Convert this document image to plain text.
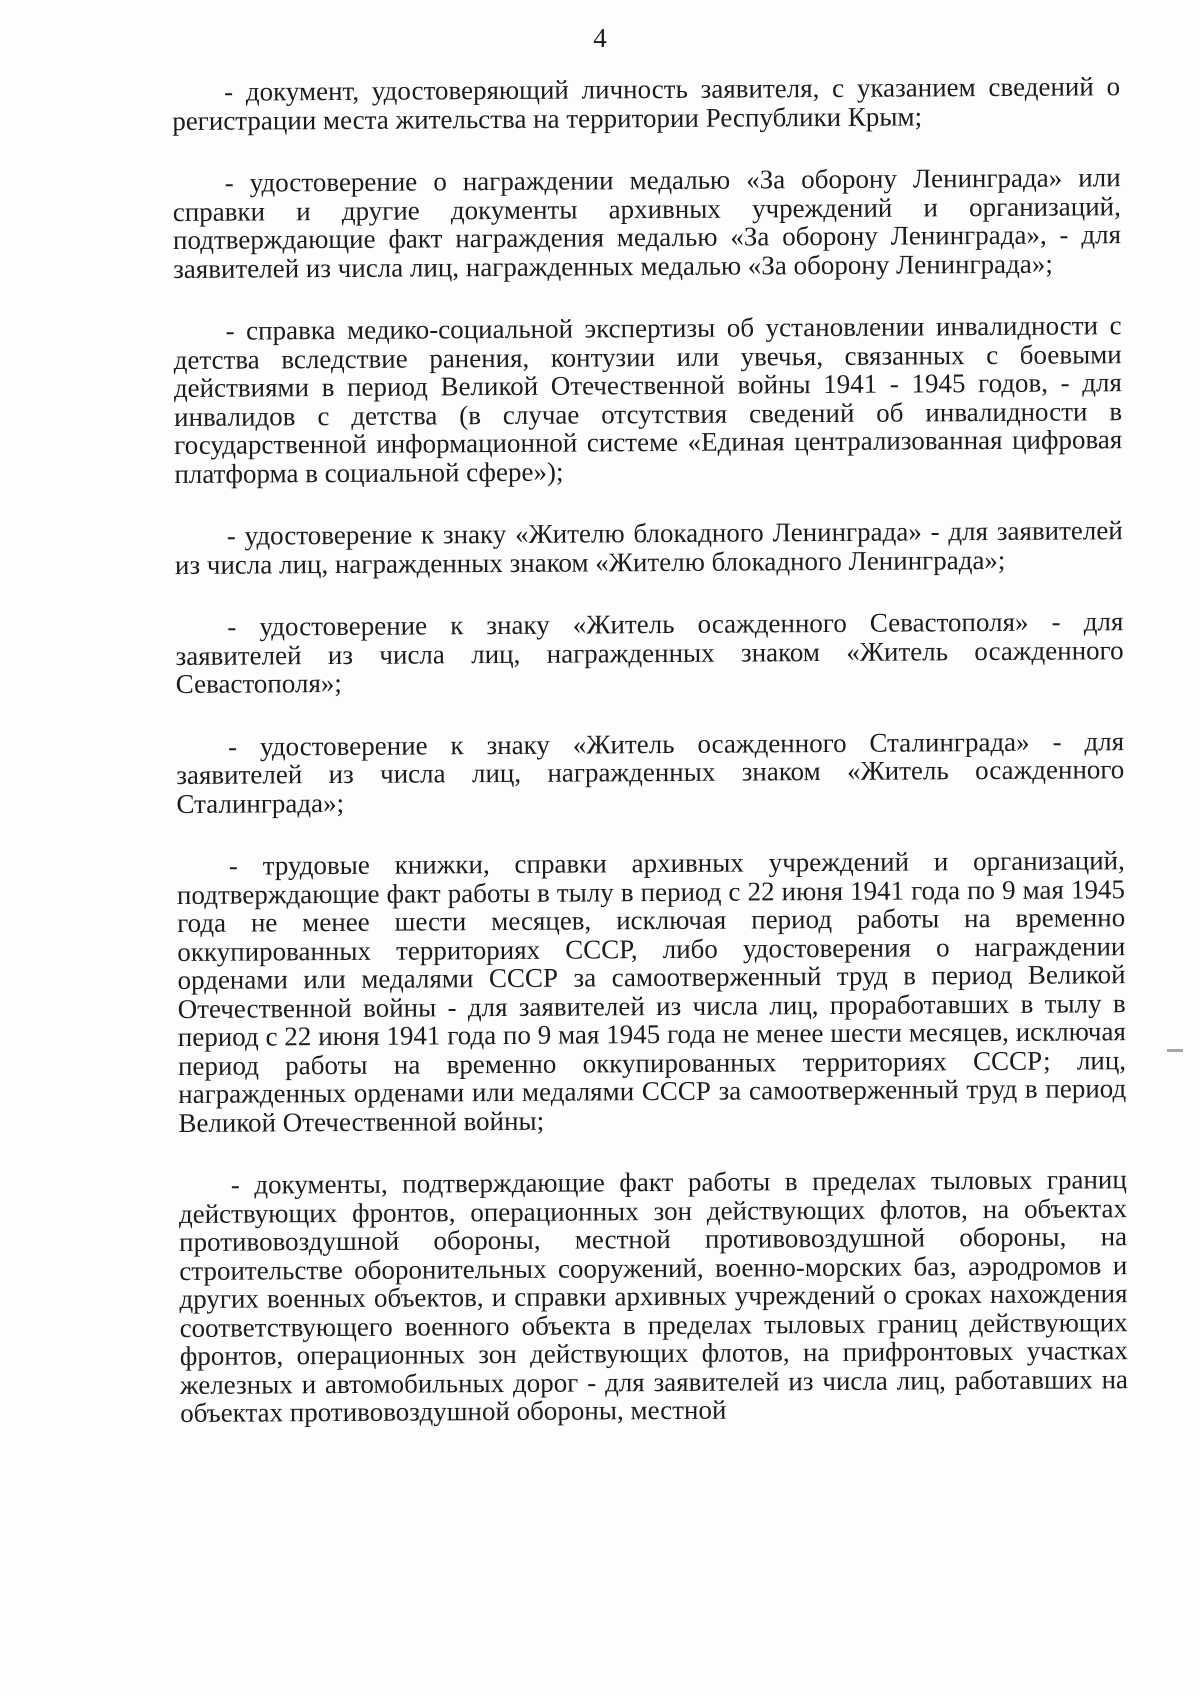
4

- документ, удостоверяющий личность заявителя, с указанием сведений о регистрации места жительства на территории Республики Крым;

- удостоверение о награждении медалью «За оборону Ленинграда» или справки и другие документы архивных учреждений и организаций, подтверждающие факт награждения медалью «За оборону Ленинграда», - для заявителей из числа лиц, награжденных медалью «За оборону Ленинграда»;

- справка медико-социальной экспертизы об установлении инвалидности с детства вследствие ранения, контузии или увечья, связанных с боевыми действиями в период Великой Отечественной войны 1941 - 1945 годов, - для инвалидов с детства (в случае отсутствия сведений об инвалидности в государственной информационной системе «Единая централизованная цифровая платформа в социальной сфере»);

- удостоверение к знаку «Жителю блокадного Ленинграда» - для заявителей из числа лиц, награжденных знаком «Жителю блокадного Ленинграда»;

- удостоверение к знаку «Житель осажденного Севастополя» - для заявителей из числа лиц, награжденных знаком «Житель осажденного Севастополя»;

- удостоверение к знаку «Житель осажденного Сталинграда» - для заявителей из числа лиц, награжденных знаком «Житель осажденного Сталинграда»;

- трудовые книжки, справки архивных учреждений и организаций, подтверждающие факт работы в тылу в период с 22 июня 1941 года по 9 мая 1945 года не менее шести месяцев, исключая период работы на временно оккупированных территориях СССР, либо удостоверения о награждении орденами или медалями СССР за самоотверженный труд в период Великой Отечественной войны - для заявителей из числа лиц, проработавших в тылу в период с 22 июня 1941 года по 9 мая 1945 года не менее шести месяцев, исключая период работы на временно оккупированных территориях СССР; лиц, награжденных орденами или медалями СССР за самоотверженный труд в период Великой Отечественной войны;

- документы, подтверждающие факт работы в пределах тыловых границ действующих фронтов, операционных зон действующих флотов, на объектах противовоздушной обороны, местной противовоздушной обороны, на строительстве оборонительных сооружений, военно-морских баз, аэродромов и других военных объектов, и справки архивных учреждений о сроках нахождения соответствующего военного объекта в пределах тыловых границ действующих фронтов, операционных зон действующих флотов, на прифронтовых участках железных и автомобильных дорог - для заявителей из числа лиц, работавших на объектах противовоздушной обороны, местной
